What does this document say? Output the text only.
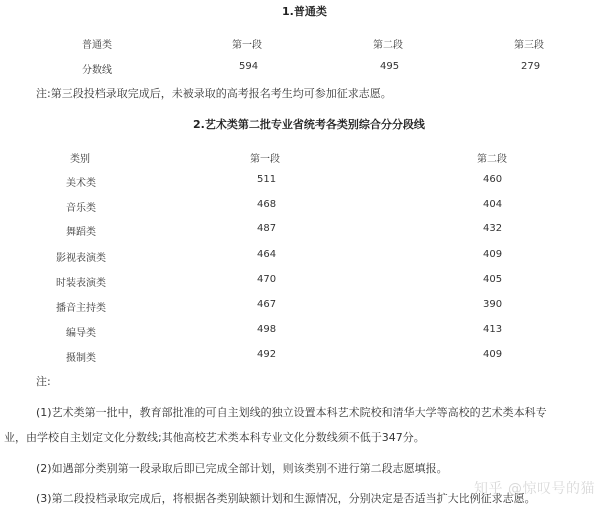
1.普通类
普通类	第一段	第二段	第三段
分数线	594	495	279
注:第三段投档录取完成后，未被录取的高考报名考生均可参加征求志愿。
2.艺术类第二批专业省统考各类别综合分分段线
类别	第一段	第二段
美术类	511	460
音乐类	468	404
舞蹈类	487	432
影视表演类	464	409
时装表演类	470	405
播音主持类	467	390
编导类	498	413
摄制类	492	409
注:
(1)艺术类第一批中，教育部批准的可自主划线的独立设置本科艺术院校和清华大学等高校的艺术类本科专
业，由学校自主划定文化分数线;其他高校艺术类本科专业文化分数线须不低于347分。
(2)如遇部分类别第一段录取后即已完成全部计划，则该类别不进行第二段志愿填报。
(3)第二段投档录取完成后，将根据各类别缺额计划和生源情况，分别决定是否适当扩大比例征求志愿。
知乎 @惊叹号的猫
